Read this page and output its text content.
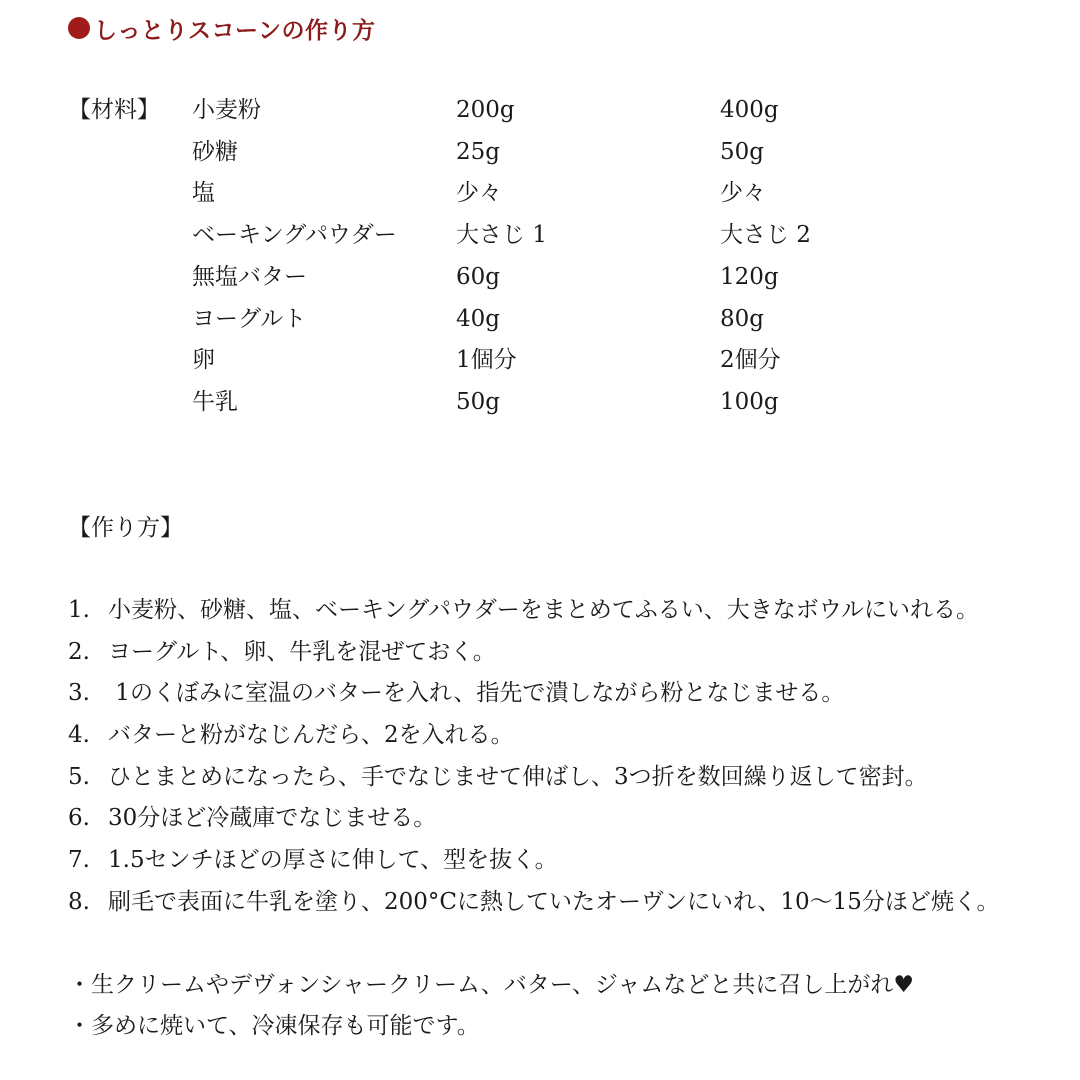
しっとりスコーンの作り方
【材料】 小麦粉	200g	400g
砂糖	25g	50g
塩	少々	少々
ベーキングパウダー	大さじ 1	大さじ 2
無塩バター	60g	120g
ヨーグルト	40g	80g
卵	1個分	2個分
牛乳	50g	100g
【作り方】
1. 小麦粉、砂糖、塩、ベーキングパウダーをまとめてふるい、大きなボウルにいれる。
2. ヨーグルト、卵、牛乳を混ぜておく。
3. 1のくぼみに室温のバターを入れ、指先で潰しながら粉となじませる。
4. バターと粉がなじんだら、2を入れる。
5. ひとまとめになったら、手でなじませて伸ばし、3つ折を数回繰り返して密封。
6. 30分ほど冷蔵庫でなじませる。
7. 1.5センチほどの厚さに伸して、型を抜く。
8. 刷毛で表面に牛乳を塗り、200°Cに熱していたオーヴンにいれ、10〜15分ほど焼く。
・生クリームやデヴォンシャークリーム、バター、ジャムなどと共に召し上がれ♥
・多めに焼いて、冷凍保存も可能です。
